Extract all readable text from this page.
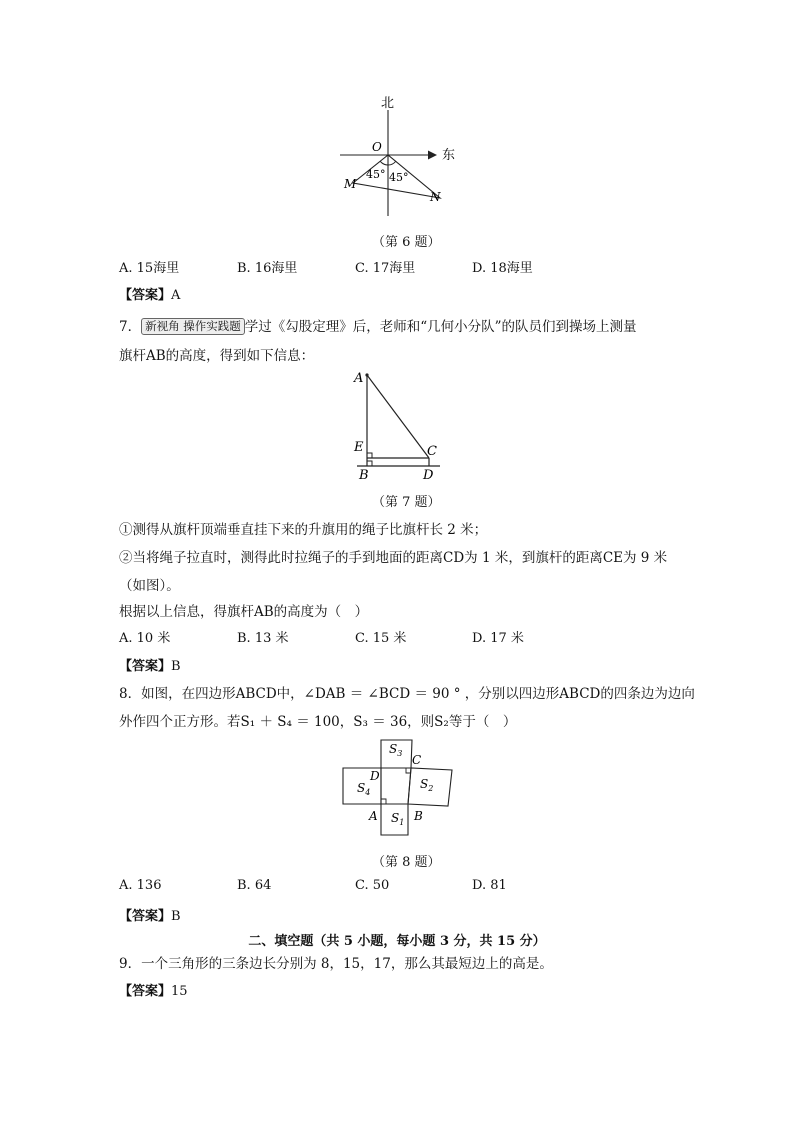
北
东
O
M
N
45° 45°
（第 6 题）
A. 15海里	B. 16海里	C. 17海里	D. 18海里
【答案】A
7． 新视角 操作实践题 学过《勾股定理》后，老师和“几何小分队”的队员们到操场上测量
旗杆AB的高度，得到如下信息：
A
E	C
B	D
（第 7 题）
①测得从旗杆顶端垂直挂下来的升旗用的绳子比旗杆长 2 米；
②当将绳子拉直时，测得此时拉绳子的手到地面的距离CD为 1 米，到旗杆的距离CE为 9 米
（如图）。
根据以上信息，得旗杆AB的高度为（　）
A. 10 米	B. 13 米	C. 15 米	D. 17 米
【答案】B
8．如图，在四边形ABCD中，∠DAB ＝ ∠BCD ＝ 90 ° ，分别以四边形ABCD的四条边为边向
外作四个正方形。若S₁ ＋ S₄ ＝ 100，S₃ ＝ 36，则S₂等于（　）
$S_3$
$S_2$
$S_4$
$S_1$
C
D
A	B
（第 8 题）
A. 136	B. 64	C. 50	D. 81
【答案】B
二、填空题（共 5 小题，每小题 3 分，共 15 分）
9．一个三角形的三条边长分别为 8，15，17，那么其最短边上的高是。
【答案】15
